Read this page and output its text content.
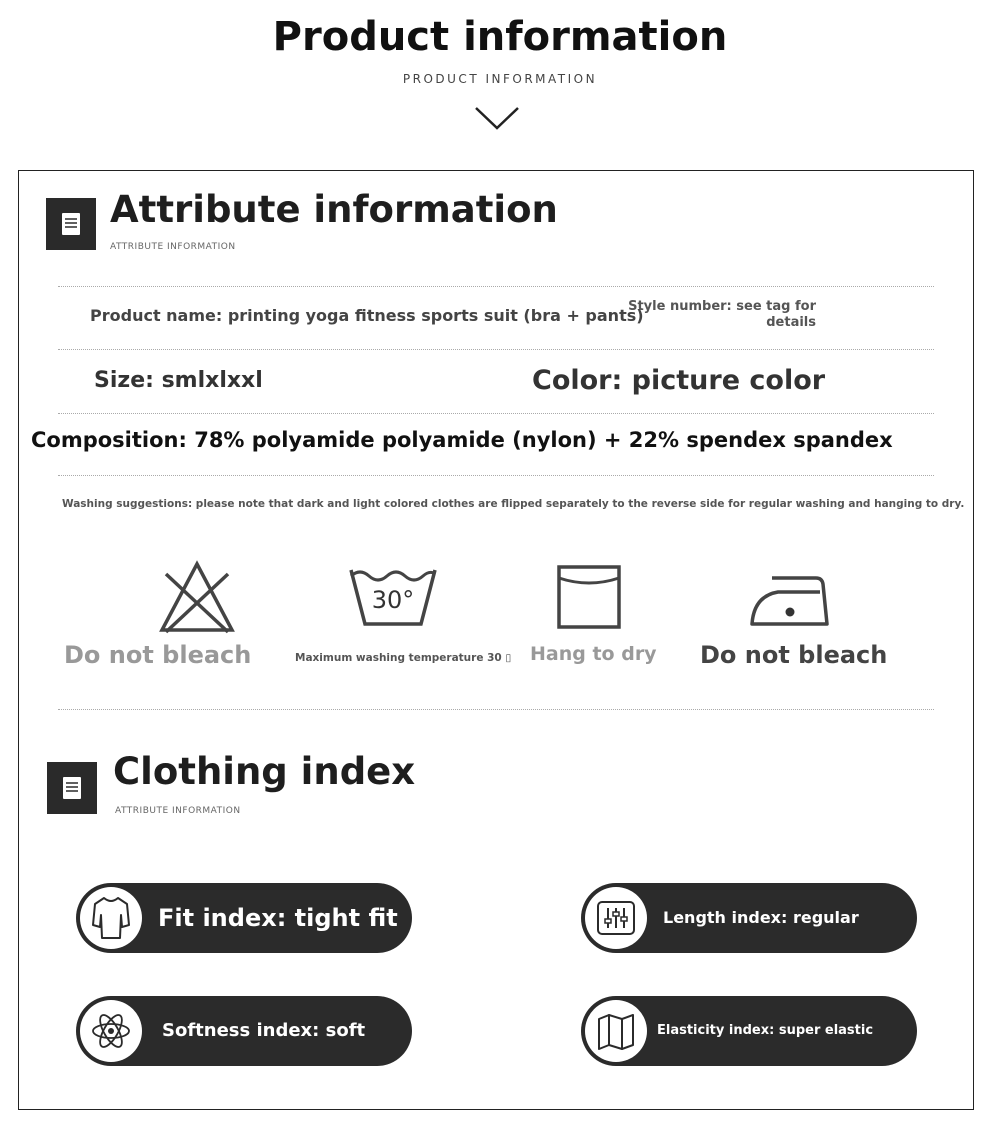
Product information
PRODUCT INFORMATION
Attribute information
ATTRIBUTE INFORMATION
Product name: printing yoga fitness sports suit (bra + pants)
Style number: see tag for
details
Size: smlxlxxl	Color: picture color
Composition: 78% polyamide polyamide (nylon) + 22% spendex spandex
Washing suggestions: please note that dark and light colored clothes are flipped separately to the reverse side for regular washing and hanging to dry.
Do not bleach
30°
Maximum washing temperature 30 ▯ Hang to dry Do not bleach
Clothing index
ATTRIBUTE INFORMATION
Fit index: tight fit	Length index: regular
Softness index: soft	Elasticity index: super elastic
